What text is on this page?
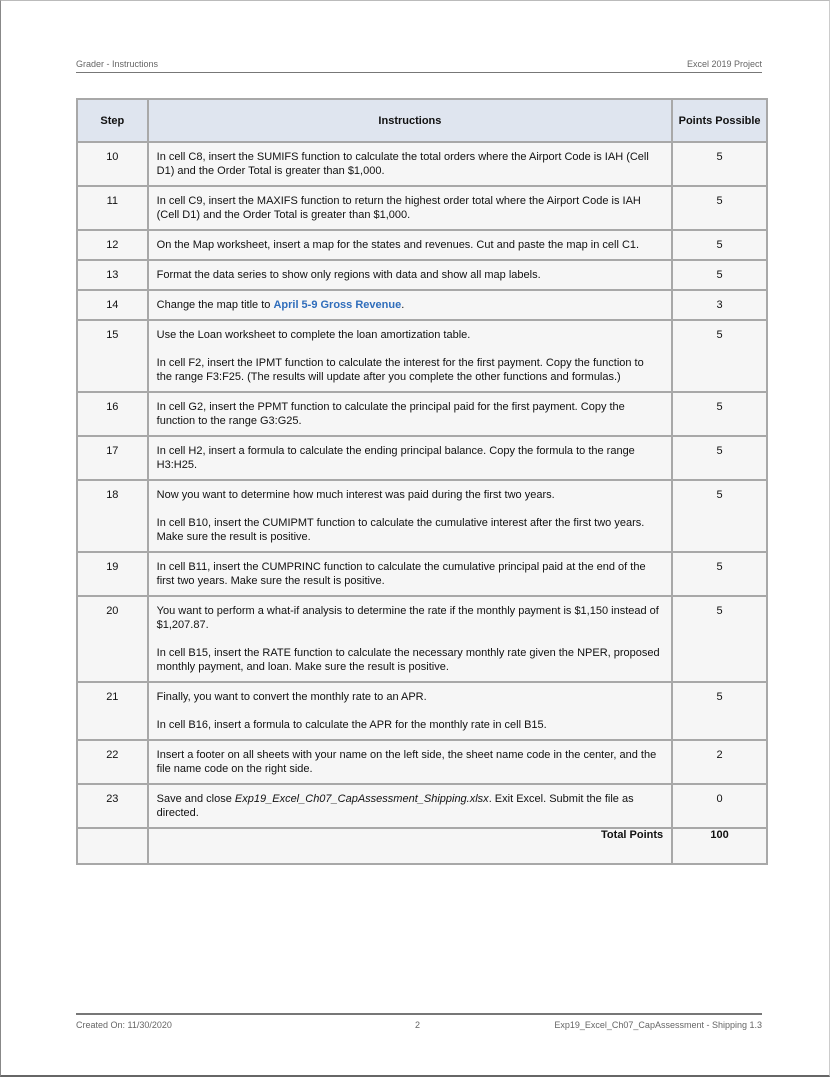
Grader - Instructions	Excel 2019 Project
Step	Instructions	Points Possible
10	In cell C8, insert the SUMIFS function to calculate the total orders where the Airport Code is IAH (Cell D1) and the Order Total is greater than $1,000.	5
11	In cell C9, insert the MAXIFS function to return the highest order total where the Airport Code is IAH (Cell D1) and the Order Total is greater than $1,000.	5
12	On the Map worksheet, insert a map for the states and revenues. Cut and paste the map in cell C1.	5
13	Format the data series to show only regions with data and show all map labels.	5
14	Change the map title to April 5-9 Gross Revenue.	3
15	Use the Loan worksheet to complete the loan amortization table.
In cell F2, insert the IPMT function to calculate the interest for the first payment. Copy the function to the range F3:F25. (The results will update after you complete the other functions and formulas.)	5
16	In cell G2, insert the PPMT function to calculate the principal paid for the first payment. Copy the function to the range G3:G25.	5
17	In cell H2, insert a formula to calculate the ending principal balance. Copy the formula to the range H3:H25.	5
18	Now you want to determine how much interest was paid during the first two years.
In cell B10, insert the CUMIPMT function to calculate the cumulative interest after the first two years. Make sure the result is positive.	5
19	In cell B11, insert the CUMPRINC function to calculate the cumulative principal paid at the end of the first two years. Make sure the result is positive.	5
20	You want to perform a what-if analysis to determine the rate if the monthly payment is $1,150 instead of $1,207.87.
In cell B15, insert the RATE function to calculate the necessary monthly rate given the NPER, proposed monthly payment, and loan. Make sure the result is positive.	5
21	Finally, you want to convert the monthly rate to an APR.
In cell B16, insert a formula to calculate the APR for the monthly rate in cell B15.	5
22	Insert a footer on all sheets with your name on the left side, the sheet name code in the center, and the file name code on the right side.	2
23	Save and close Exp19_Excel_Ch07_CapAssessment_Shipping.xlsx. Exit Excel. Submit the file as directed.	0
	Total Points	100
Created On: 11/30/2020	2	Exp19_Excel_Ch07_CapAssessment - Shipping 1.3
